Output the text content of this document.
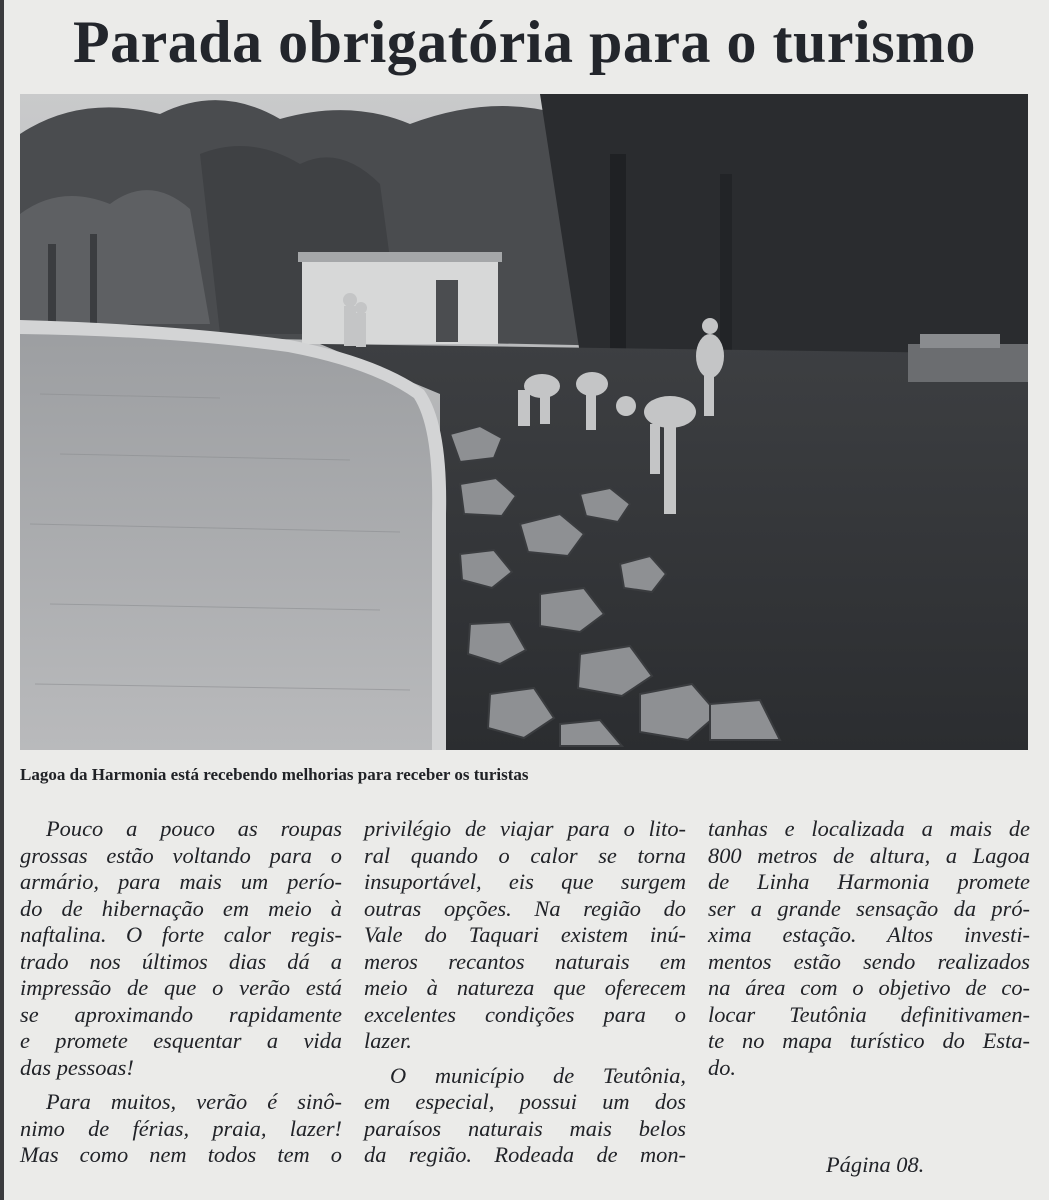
Parada obrigatória para o turismo

Lagoa da Harmonia está recebendo melhorias para receber os turistas

Pouco a pouco as roupas
grossas estão voltando para o
armário, para mais um perío-
do de hibernação em meio à
naftalina. O forte calor regis-
trado nos últimos dias dá a
impressão de que o verão está
se aproximando rapidamente
e promete esquentar a vida
das pessoas!
Para muitos, verão é sinô-
nimo de férias, praia, lazer!
Mas como nem todos tem o
privilégio de viajar para o lito-
ral quando o calor se torna
insuportável, eis que surgem
outras opções. Na região do
Vale do Taquari existem inú-
meros recantos naturais em
meio à natureza que oferecem
excelentes condições para o
lazer.
O município de Teutônia,
em especial, possui um dos
paraísos naturais mais belos
da região. Rodeada de mon-
tanhas e localizada a mais de
800 metros de altura, a Lagoa
de Linha Harmonia promete
ser a grande sensação da pró-
xima estação. Altos investi-
mentos estão sendo realizados
na área com o objetivo de co-
locar Teutônia definitivamen-
te no mapa turístico do Esta-
do.
Página 08.
